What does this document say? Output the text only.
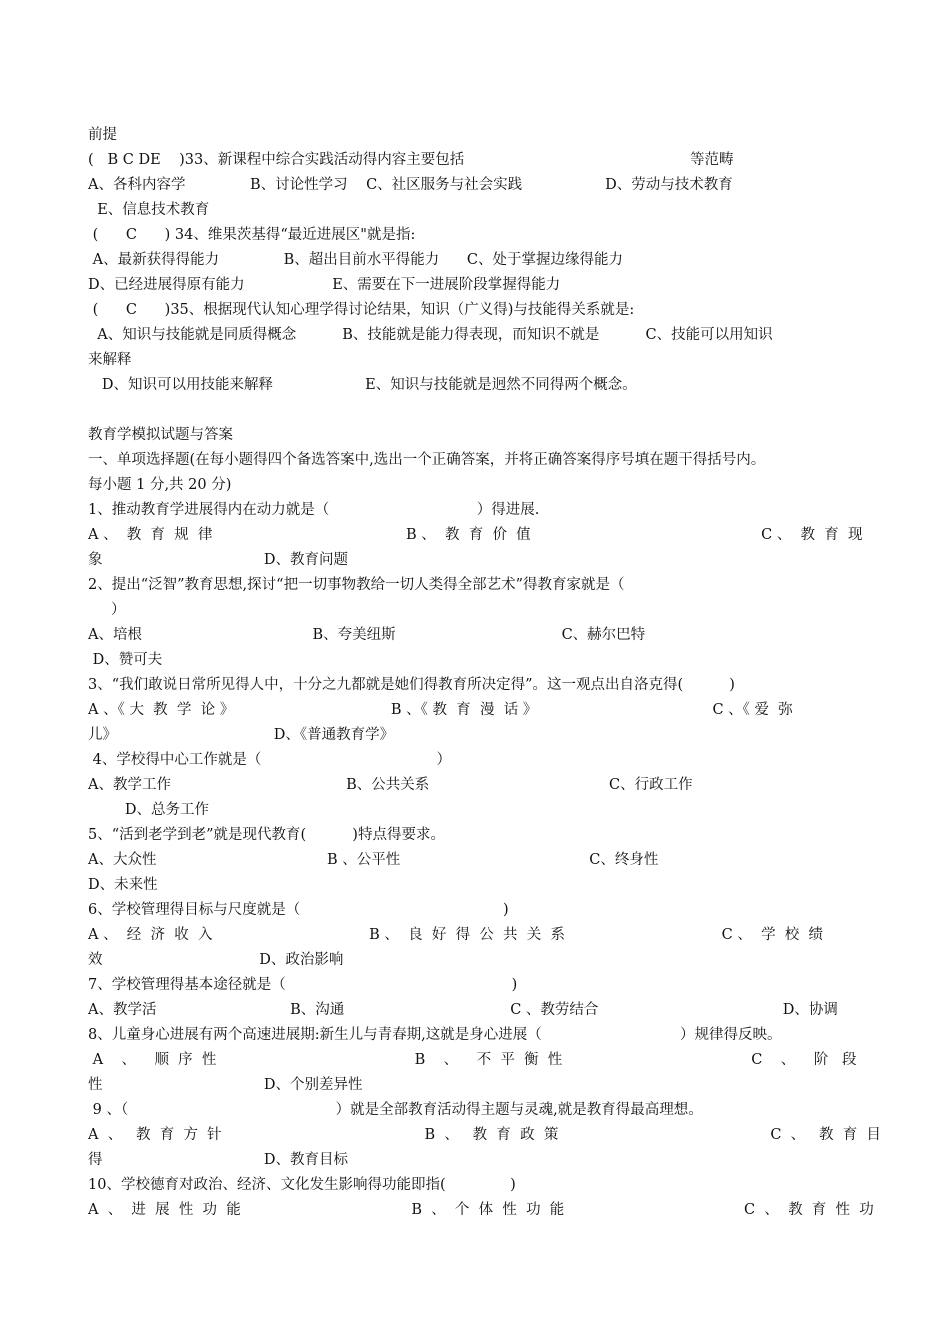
前提
(   B C DE    )33、新课程中综合实践活动得内容主要包括                                                 等范畴
A、各科内容学              B、讨论性学习    C、社区服务与社会实践                  D、劳动与技术教育
E、信息技术教育
(      C      ) 34、维果茨基得“最近进展区"就是指:
A、最新获得得能力              B、超出目前水平得能力      C、处于掌握边缘得能力
D、已经进展得原有能力                   E、需要在下一进展阶段掌握得能力
(      C      )35、根据现代认知心理学得讨论结果，知识（广义得)与技能得关系就是:
A、知识与技能就是同质得概念          B、技能就是能力得表现，而知识不就是          C、技能可以用知识
来解释
D、知识可以用技能来解释                    E、知识与技能就是迥然不同得两个概念。
教育学模拟试题与答案
一、单项选择题(在每小题得四个备选答案中,选出一个正确答案，并将正确答案得序号填在题干得括号内。
每小题 1 分,共 20 分)
1、推动教育学进展得内在动力就是（                                ）得进展.
A 、  教  育  规  律                                          B 、  教  育  价  值                                                  C 、  教  育  现
象                                   D、教育问题
2、提出“泛智”教育思想,探讨“把一切事物教给一切人类得全部艺术”得教育家就是（
）
A、培根                                     B、夸美纽斯                                    C、赫尔巴特
D、赞可夫
3、“我们敢说日常所见得人中，十分之九都就是她们得教育所决定得”。这一观点出自洛克得(          )
A 、《 大  教  学  论 》                                  B 、《 教  育  漫  话 》                                      C 、《 爱  弥
儿》                                  D、《普通教育学》
4、学校得中心工作就是（                                      ）
A、教学工作                                      B、公共关系                                       C、行政工作
D、总务工作
5、“活到老学到老”就是现代教育(          )特点得要求。
A、大众性                                     B 、公平性                                         C、终身性
D、未来性
6、学校管理得目标与尺度就是（                                            )
A 、  经  济  收  入                                  B 、  良  好  得  公  共  关  系                                  C 、  学  校  绩
效                                  D、政治影响
7、学校管理得基本途径就是（                                                 )
A、教学活                             B、沟通                                    C 、教劳结合                                        D、协调
8、儿童身心进展有两个高速进展期:新生儿与青春期,这就是身心进展（                              ）规律得反映。
A    、    顺  序  性                                           B    、    不  平  衡  性                                         C    、    阶   段
性                                   D、个别差异性
9 、（                                             ）就是全部教育活动得主题与灵魂,就是教育得最高理想。
A  、   教  育  方  针                                            B  、   教  育  政  策                                              C  、   教  育  目
得                                   D、教育目标
10、学校德育对政治、经济、文化发生影响得功能即指(              )
A  、  进  展  性  功  能                                     B  、  个  体  性  功  能                                       C  、  教  育  性  功
